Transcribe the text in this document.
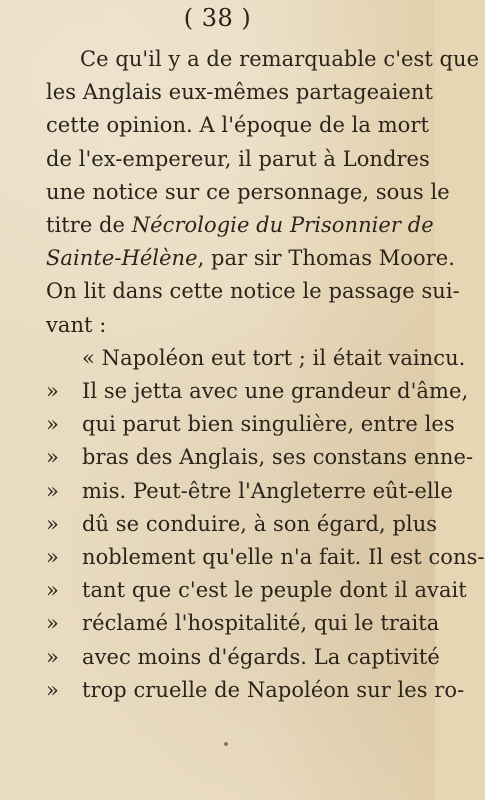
( 38 )
Ce qu'il y a de remarquable c'est que
les Anglais eux-mêmes partageaient
cette opinion. A l'époque de la mort
de l'ex-empereur, il parut à Londres
une notice sur ce personnage, sous le
titre de Nécrologie du Prisonnier de
Sainte-Hélène, par sir Thomas Moore.
On lit dans cette notice le passage sui-
vant :
« Napoléon eut tort ; il était vaincu.
» Il se jetta avec une grandeur d'âme,
» qui parut bien singulière, entre les
» bras des Anglais, ses constans enne-
» mis. Peut-être l'Angleterre eût-elle
» dû se conduire, à son égard, plus
» noblement qu'elle n'a fait. Il est cons-
» tant que c'est le peuple dont il avait
» réclamé l'hospitalité, qui le traita
» avec moins d'égards. La captivité
» trop cruelle de Napoléon sur les ro-
